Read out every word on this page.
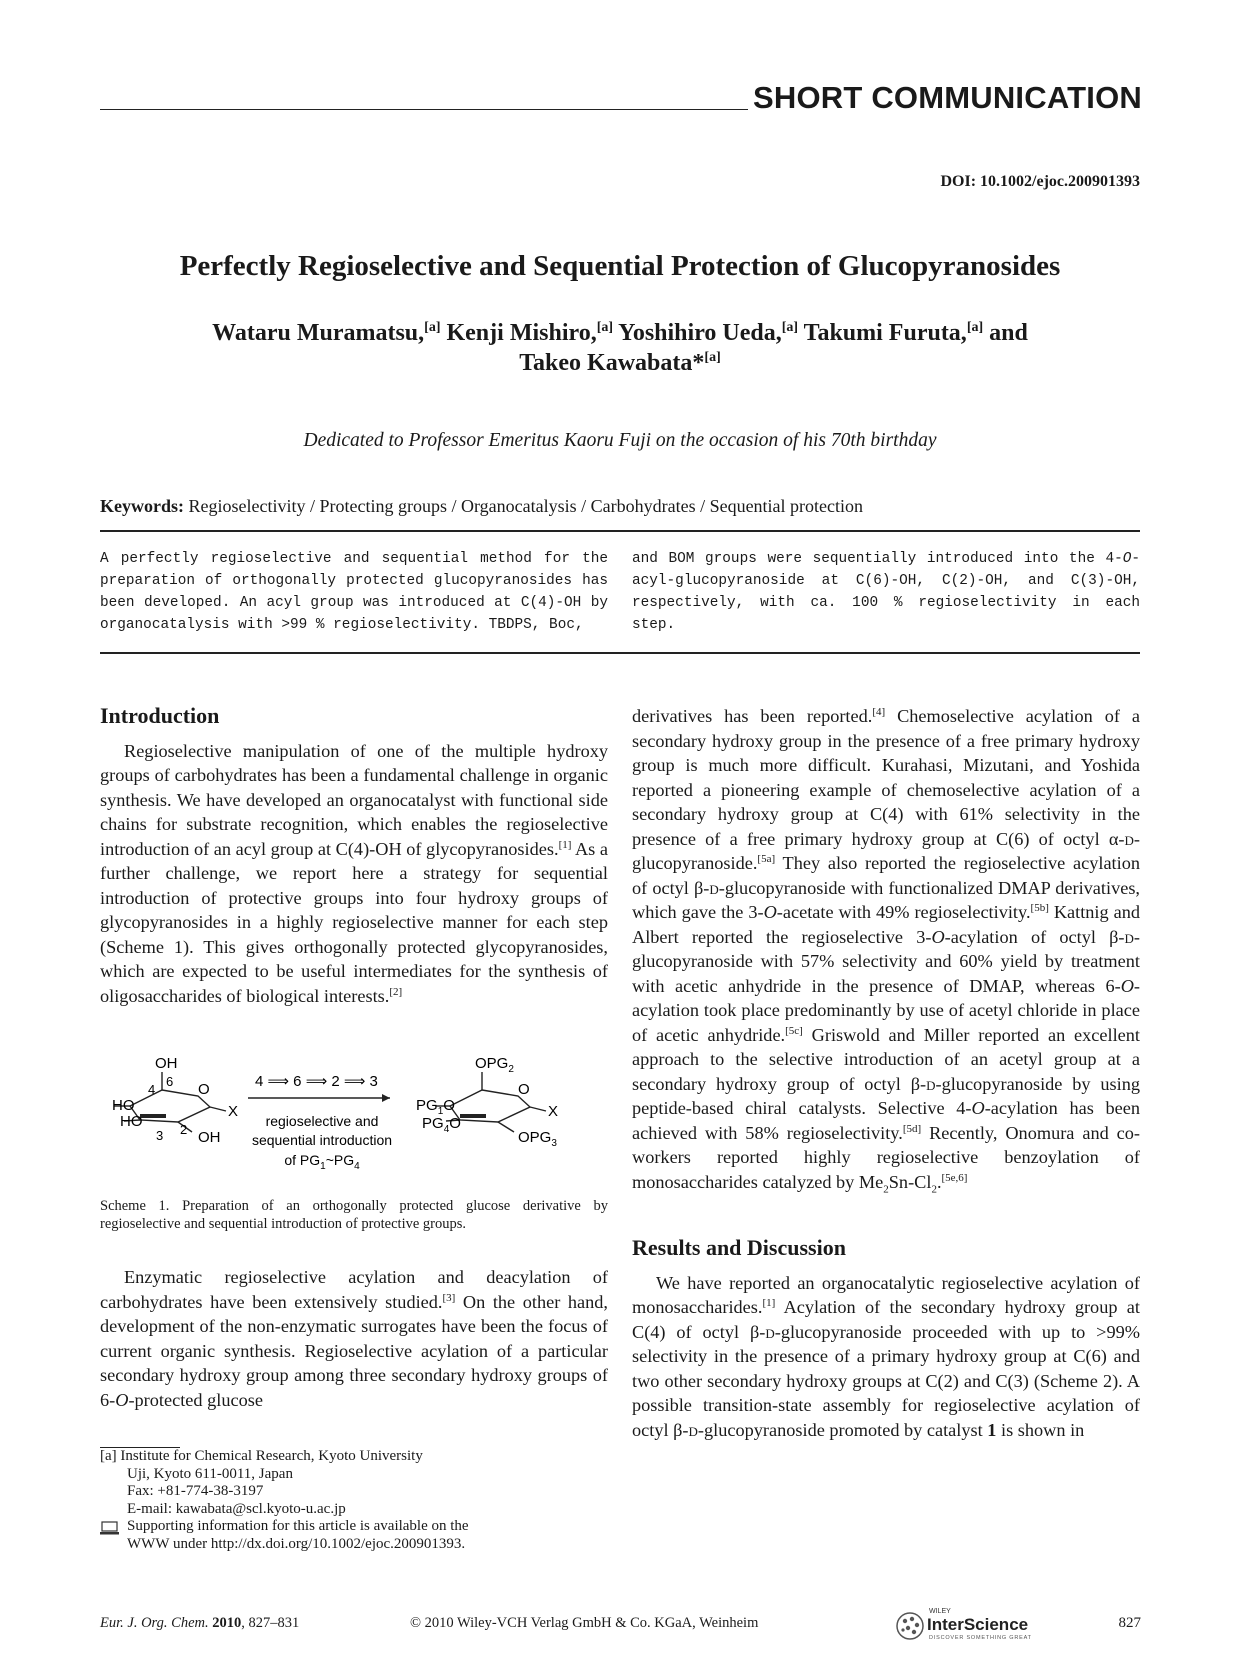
SHORT COMMUNICATION
DOI: 10.1002/ejoc.200901393
Perfectly Regioselective and Sequential Protection of Glucopyranosides
Wataru Muramatsu,[a] Kenji Mishiro,[a] Yoshihiro Ueda,[a] Takumi Furuta,[a] and
Takeo Kawabata*[a]
Dedicated to Professor Emeritus Kaoru Fuji on the occasion of his 70th birthday
Keywords: Regioselectivity / Protecting groups / Organocatalysis / Carbohydrates / Sequential protection

A perfectly regioselective and sequential method for the preparation of orthogonally protected glucopyranosides has been developed. An acyl group was introduced at C(4)-OH by organocatalysis with >99 % regioselectivity. TBDPS, Boc,

and BOM groups were sequentially introduced into the 4-O-acyl-glucopyranoside at C(6)-OH, C(2)-OH, and C(3)-OH, respectively, with ca. 100 % regioselectivity in each step.

Introduction

Regioselective manipulation of one of the multiple hydroxy groups of carbohydrates has been a fundamental challenge in organic synthesis. We have developed an organocatalyst with functional side chains for substrate recognition, which enables the regioselective introduction of an acyl group at C(4)-OH of glycopyranosides.[1] As a further challenge, we report here a strategy for sequential introduction of protective groups into four hydroxy groups of glycopyranosides in a highly regioselective manner for each step (Scheme 1). This gives orthogonally protected glycopyranosides, which are expected to be useful intermediates for the synthesis of oligosaccharides of biological interests.[2]

OH
6
4
HO
HO
O
X
3 2 OH
4 ⟹ 6 ⟹ 2 ⟹ 3
regioselective and
sequential introduction
of $PG_1\sim PG_4$
$OPG_2$
$PG_1O$
$PG_4O$
O
X
$OPG_3$
Scheme 1. Preparation of an orthogonally protected glucose derivative by regioselective and sequential introduction of protective groups.

Enzymatic regioselective acylation and deacylation of carbohydrates have been extensively studied.[3] On the other hand, development of the non-enzymatic surrogates have been the focus of current organic synthesis. Regioselective acylation of a particular secondary hydroxy group among three secondary hydroxy groups of 6-O-protected glucose

[a] Institute for Chemical Research, Kyoto University
Uji, Kyoto 611-0011, Japan
Fax: +81-774-38-3197
E-mail: kawabata@scl.kyoto-u.ac.jp
Supporting information for this article is available on the
WWW under http://dx.doi.org/10.1002/ejoc.200901393.

derivatives has been reported.[4] Chemoselective acylation of a secondary hydroxy group in the presence of a free primary hydroxy group is much more difficult. Kurahasi, Mizutani, and Yoshida reported a pioneering example of chemoselective acylation of a secondary hydroxy group at C(4) with 61% selectivity in the presence of a free primary hydroxy group at C(6) of octyl α-d-glucopyranoside.[5a] They also reported the regioselective acylation of octyl β-d-glucopyranoside with functionalized DMAP derivatives, which gave the 3-O-acetate with 49% regioselectivity.[5b] Kattnig and Albert reported the regioselective 3-O-acylation of octyl β-d-glucopyranoside with 57% selectivity and 60% yield by treatment with acetic anhydride in the presence of DMAP, whereas 6-O-acylation took place predominantly by use of acetyl chloride in place of acetic anhydride.[5c] Griswold and Miller reported an excellent approach to the selective introduction of an acetyl group at a secondary hydroxy group of octyl β-d-glucopyranoside by using peptide-based chiral catalysts. Selective 4-O-acylation has been achieved with 58% regioselectivity.[5d] Recently, Onomura and co-workers reported highly regioselective benzoylation of monosaccharides catalyzed by $Me_2Sn-Cl_2.[5e,6]$

Results and Discussion

We have reported an organocatalytic regioselective acylation of monosaccharides.[1] Acylation of the secondary hydroxy group at C(4) of octyl β-d-glucopyranoside proceeded with up to >99% selectivity in the presence of a primary hydroxy group at C(6) and two other secondary hydroxy groups at C(2) and C(3) (Scheme 2). A possible transition-state assembly for regioselective acylation of octyl β-d-glucopyranoside promoted by catalyst 1 is shown in

Eur. J. Org. Chem. 2010, 827–831	© 2010 Wiley-VCH Verlag GmbH & Co. KGaA, Weinheim
WILEY
InterScience
DISCOVER SOMETHING GREAT
827
